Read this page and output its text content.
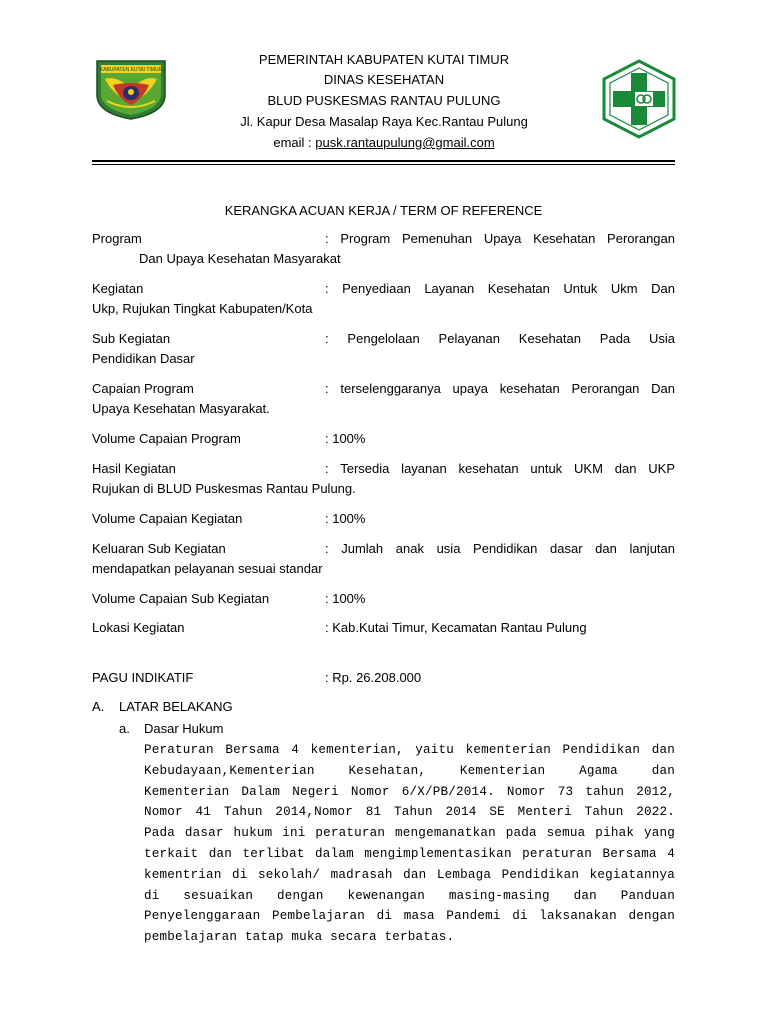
KABUPATEN KUTAI TIMUR
PEMERINTAH KABUPATEN KUTAI TIMUR
DINAS KESEHATAN
BLUD PUSKESMAS RANTAU PULUNG
Jl. Kapur Desa Masalap Raya Kec.Rantau Pulung
email : pusk.rantaupulung@gmail.com
KERANGKA ACUAN KERJA / TERM OF REFERENCE
Program	: Program Pemenuhan Upaya Kesehatan Perorangan
Dan Upaya Kesehatan Masyarakat
Kegiatan	: Penyediaan Layanan Kesehatan Untuk Ukm Dan
Ukp, Rujukan Tingkat Kabupaten/Kota
Sub Kegiatan	: Pengelolaan Pelayanan Kesehatan Pada Usia
Pendidikan Dasar
Capaian Program	: terselenggaranya upaya kesehatan Perorangan Dan
Upaya Kesehatan Masyarakat.
Volume Capaian Program	: 100%
Hasil Kegiatan	: Tersedia layanan kesehatan untuk UKM dan UKP
Rujukan di BLUD Puskesmas Rantau Pulung.
Volume Capaian Kegiatan	: 100%
Keluaran Sub Kegiatan	: Jumlah anak usia Pendidikan dasar dan lanjutan
mendapatkan pelayanan sesuai standar
Volume Capaian Sub Kegiatan	: 100%
Lokasi Kegiatan	: Kab.Kutai Timur, Kecamatan Rantau Pulung
PAGU INDIKATIF	: Rp. 26.208.000
A. LATAR BELAKANG
a. Dasar Hukum
Peraturan Bersama 4 kementerian, yaitu kementerian Pendidikan dan
Kebudayaan,Kementerian Kesehatan, Kementerian Agama dan
Kementerian Dalam Negeri Nomor 6/X/PB/2014. Nomor 73 tahun 2012,
Nomor 41 Tahun 2014,Nomor 81 Tahun 2014 SE Menteri Tahun 2022.
Pada dasar hukum ini peraturan mengemanatkan pada semua pihak yang
terkait dan terlibat dalam mengimplementasikan peraturan Bersama 4
kementrian di sekolah/ madrasah dan Lembaga Pendidikan kegiatannya
di sesuaikan dengan kewenangan masing-masing dan Panduan
Penyelenggaraan Pembelajaran di masa Pandemi di laksanakan dengan
pembelajaran tatap muka secara terbatas.
